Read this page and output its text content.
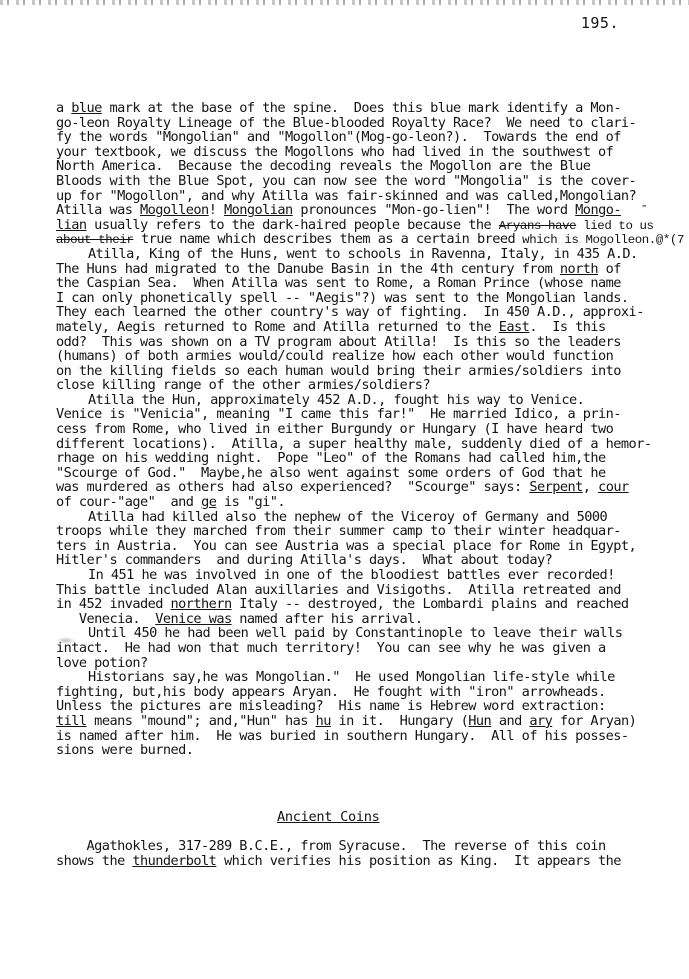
195.
-
a blue mark at the base of the spine.  Does this blue mark identify a Mon-
go-leon Royalty Lineage of the Blue-blooded Royalty Race?  We need to clari-
fy the words "Mongolian" and "Mogollon"(Mog-go-leon?).  Towards the end of
your textbook, we discuss the Mogollons who had lived in the southwest of
North America.  Because the decoding reveals the Mogollon are the Blue
Bloods with the Blue Spot, you can now see the word "Mongolia" is the cover-
up for "Mogollon", and why Atilla was fair-skinned and was called,Mongolian?
Atilla was Mogolleon! Mongolian pronounces "Mon-go-lien"!  The word Mongo-
lian usually refers to the dark-haired people because the Aryans have lied to us
about their true name which describes them as a certain breed which is Mogolleon.@*(7
Atilla, King of the Huns, went to schools in Ravenna, Italy, in 435 A.D.
The Huns had migrated to the Danube Basin in the 4th century from north of
the Caspian Sea.  When Atilla was sent to Rome, a Roman Prince (whose name
I can only phonetically spell -- "Aegis"?) was sent to the Mongolian lands.
They each learned the other country's way of fighting.  In 450 A.D., approxi-
mately, Aegis returned to Rome and Atilla returned to the East.  Is this
odd?  This was shown on a TV program about Atilla!  Is this so the leaders
(humans) of both armies would/could realize how each other would function
on the killing fields so each human would bring their armies/soldiers into
close killing range of the other armies/soldiers?
Atilla the Hun, approximately 452 A.D., fought his way to Venice.
Venice is "Venicia", meaning "I came this far!"  He married Idico, a prin-
cess from Rome, who lived in either Burgundy or Hungary (I have heard two
different locations).  Atilla, a super healthy male, suddenly died of a hemor-
rhage on his wedding night.  Pope "Leo" of the Romans had called him,the
"Scourge of God."  Maybe,he also went against some orders of God that he
was murdered as others had also experienced?  "Scourge" says: Serpent, cour
of cour-"age"  and ge is "gi".
Atilla had killed also the nephew of the Viceroy of Germany and 5000
troops while they marched from their summer camp to their winter headquar-
ters in Austria.  You can see Austria was a special place for Rome in Egypt,
Hitler's commanders  and during Atilla's days.  What about today?
In 451 he was involved in one of the bloodiest battles ever recorded!
This battle included Alan auxillaries and Visigoths.  Atilla retreated and
in 452 invaded northern Italy -- destroyed, the Lombardi plains and reached
Venecia.  Venice was named after his arrival.
Until 450 he had been well paid by Constantinople to leave their walls
intact.  He had won that much territory!  You can see why he was given a
love potion?
Historians say,he was Mongolian."  He used Mongolian life-style while
fighting, but,his body appears Aryan.  He fought with "iron" arrowheads.
Unless the pictures are misleading?  His name is Hebrew word extraction:
till means "mound"; and,"Hun" has hu in it.  Hungary (Hun and ary for Aryan)
is named after him.  He was buried in southern Hungary.  All of his posses-
sions were burned.
Ancient Coins
Agathokles, 317-289 B.C.E., from Syracuse.  The reverse of this coin
shows the thunderbolt which verifies his position as King.  It appears the
